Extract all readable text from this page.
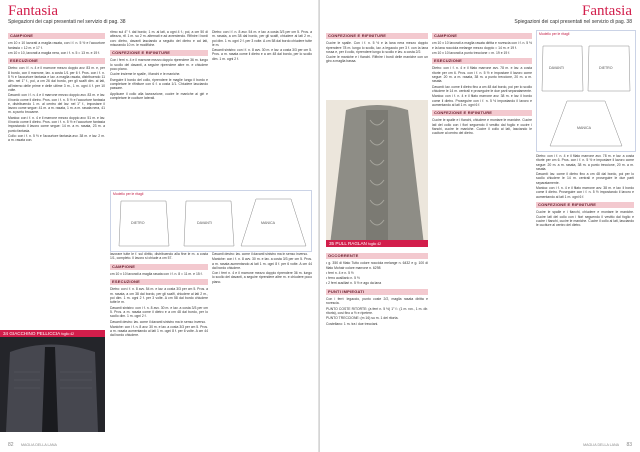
Fantasia
Spiegazioni dei capi presentati nel servizio di pag. 38
CAMPIONE
cm 10 x 10 lavorati a maglia rasata, con i f. n. 5 ½ e l'accurtore fantasia = 12 m. e 17 f.
cm 10 x 10, lavorati a maglia nera, con i f. n. 5 = 13 m. e 19 f.
ESECUZIONE
Dietro: con i f. n. 4 e il marrone mezzo doppio avv. 83 m. e, per 8 bordo, con il marrone, lav. a costa 1/1 per 6 f. Pros. con i f. n. 5 ½ e l'accurtore fantasia e lav. a maglia rasata, distribuendo 11 dim. nel 1° f., poi, a cm 26 dal bordo, per gli scalfi dim. ai lati, all'interno delle prime e delle ultime 3 m., 1 m. ogni 4 f. per 10 volte.
Davanti: con i f. n. 4 e il marrone mezzo doppio avv. 83 m. e lav. il bordo come il dietro. Pros. con i f. n. 5 ½ e l'accurtore fantasia e, distribuendo 1 m. al centro del lav. nel 1° f., impostare il lavoro come segue: 41 m. a m. rasata, 1 m. a m. rasata nera, 41 m. a punto brocame.
Manica: con i f. n. 4 e il marrone mezzo doppio avv. 51 m. e lav. il bordo come il dietro. Pros. con i f. n. 5 ½ e l'accurtore fantasia impostando il lavoro come segue: 14 m. a m. rasata, 23 m. a punto fantasia.
Collo: con i f. n. 5 ½ e l'accurtore fantasia avv. 38 m. e lav. 2 m. a m. rasata con.
34 GIACCHINO PELLICCIA foglio 42
ritmo sul 4° f. dal bordo; 1 m. ai lati, a ogni 4 f.; poi, a cm 50 di altezza, rif. 1 m. su 2 m. alternati e ad avrestendo. Rifinire i bordi con: dietro, davanti lasciando a seguito del dietro e ad lati, misurando 10 m. le modifiche.
CONFEZIONE E RIFINITURE
Con i ferri n. 4 e il marrone mezzo doppio riprendere 36 m. lungo lo scollo del davanti, a seguire riprendere altre m. e chiudere poco piano.
Cucire insieme le spalle, i fianchi e le maniche.
Eseguire il bordo del collo, riprendere le maglie lungo il bordo e completare le rifiniture con 6 f. a costa 1/1. Chiudere lasciando passare.
Applicare il collo alla lavorazione, cucire le maniche ai giri e completare le cuciture laterali.
Modello per le ritagli
DIETRO	DAVANTI	MANICA
lavorare tutte le f. sul diritto, distribuendo alla fine le m. a costa 1/1, completo. Il lavoro si chiude a cm 57.
CAMPIONE
cm 10 x 10 lavorati a maglia rasata con i f. n. 8 = 11 m. e 15 f.
ESECUZIONE
Dietro: con i f. n. 8 avv. 54 m. e lav. a costa 3/3 per cm 5. Pros. a m. rasata, a cm 38 dal bordo, per gli scalfi, chiudere ai lati 2 m., poi dim. 1 m. ogni 2 f. per 3 volte. A cm 58 dal bordo chiudere tutte le m.
Davanti sinistro: con i f. n. 8 avv. 30 m. e lav. a costa 3/3 per cm 5. Pros. a m. rasata come il dietro e a cm 48 dal bordo, per lo scollo dim. 1 m. ogni 2 f.
Davanti destro: lav. come il davanti sinistro ma in senso inverso.
Maniche: con i f. n. 8 avv. 30 m. e lav. a costa 3/3 per cm 5. Pros. a m. rasata aumentando ai lati 1 m. ogni 8 f. per 6 volte. A cm 44 dal bordo chiudere.
Dietro: con i f. n. 8 avv. 54 m. e lav. a costa 3/3 per cm 5. Pros. a m. rasata, a cm 38 dal bordo, per gli scalfi, chiudere ai lati 2 m., poi dim. 1 m. ogni 2 f. per 3 volte. A cm 58 dal bordo chiudere tutte le m.
Davanti sinistro: con i f. n. 8 avv. 30 m. e lav. a costa 3/3 per cm 5. Pros. a m. rasata come il dietro e a cm 48 dal bordo, per lo scollo dim. 1 m. ogni 2 f.
Davanti destro: lav. come il davanti sinistro ma in senso inverso.
Maniche: con i f. n. 8 avv. 30 m. e lav. a costa 3/3 per cm 5. Pros. a m. rasata aumentando ai lati 1 m. ogni 8 f. per 6 volte. A cm 44 dal bordo chiudere.
Con i ferri n. 4 e il marrone mezzo doppio riprendere 36 m. lungo lo scollo del davanti, a seguire riprendere altre m. e chiudere poco piano.
82 MAGLIA DELLA LANA
Fantasia
Spiegazioni dei capi presentati nel servizio di pag. 38
CONFEZIONE E RIFINITURE
Cucire le spalle. Con i f. n. 5 ½ e la lana nera mezzo doppio riprendere 78 m. lungo lo scollo, lav. a legaccio per 3 f. con la lana rossa e, per il collo, riprendere lungo lo scollo e lav. a costa 2/2.
Cucire le maniche e i fianchi. Rifinire i bordi delle maniche con un giro a maglia bassa.
35 PULL RAGLAN foglio 42
OCCORRENTE
• g. 350 di filato Tutto colore nocciola melange n. 6432 e g. 100 di filato Mohair colore marrone n. 6298
• ferri n. 4 e n. 5 ½
• ferro ausiliario n. 5 ½
• 2 ferri ausiliari n. 5 ½ e ago da lana
PUNTI IMPIEGATI
Con i ferri: legaccio, punto coste 2/2, maglia rasata diritta e rovescia.
PUNTO COSTE RITORTE: (a ferri n. 5 ½) 1° f.: (1 m. rov., 1 m. dir. ritorta), cosi fino a ½ e ripetere.
PUNTO TRECCIONE: (m 16) su m. 1 del ritorta.
Costellano: 1 m. tra i due trecciani.
CAMPIONE
cm 10 x 10 lavorati a maglia rasata diritta e rovescia con i f. n. 5 ½ e la lana nocciola melange mezzo doppio = 14 m. e 19 f.
cm 10 x 10 lavorati a punto treccione = m. 19 e 19 f.
ESECUZIONE
Dietro: con i f. n. 4 e il filato marrone avv. 78 m. e lav. a costa ritorte per cm 6. Pros. con i f. n. 5 ½ e impostare il lavoro come segue: 20 m. a m. rasata, 38 m. a punto treccione, 20 m. a m. rasata.
Davanti: lav. come il dietro fino a cm 48 dal bordo, poi per lo scollo chiudere le 14 m. centrali e proseguire le due parti separatamente.
Manica: con i f. n. 4 e il filato marrone avv. 38 m. e lav. il bordo come il dietro. Proseguire con i f. n. 5 ½ impostando il lavoro e aumentando ai lati 1 m. ogni 6 f.
CONFEZIONE E RIFINITURE
Cucire le spalle e i fianchi, chiudere e montare le maniche. Cucire lati del collo con i fiori seguendo il vestito dal foglio e cucire i fianchi, cucire le maniche. Cucire il collo ai lati, lasciando le cuciture al centro del dietro.
Modello per le ritagli
DAVANTI	DIETRO
MANICA
Dietro: con i f. n. 4 e il filato marrone avv. 78 m. e lav. a costa ritorte per cm 6. Pros. con i f. n. 5 ½ e impostare il lavoro come segue: 20 m. a m. rasata, 38 m. a punto treccione, 20 m. a m. rasata.
Davanti: lav. come il dietro fino a cm 48 dal bordo, poi per lo scollo chiudere le 14 m. centrali e proseguire le due parti separatamente.
Manica: con i f. n. 4 e il filato marrone avv. 38 m. e lav. il bordo come il dietro. Proseguire con i f. n. 5 ½ impostando il lavoro e aumentando ai lati 1 m. ogni 6 f.
CONFEZIONE E RIFINITURE
Cucire le spalle e i fianchi, chiudere e montare le maniche. Cucire lati del collo con i fiori seguendo il vestito dal foglio e cucire i fianchi, cucire le maniche. Cucire il collo ai lati, lasciando le cuciture al centro del dietro.
MAGLIA DELLA LANA 83
